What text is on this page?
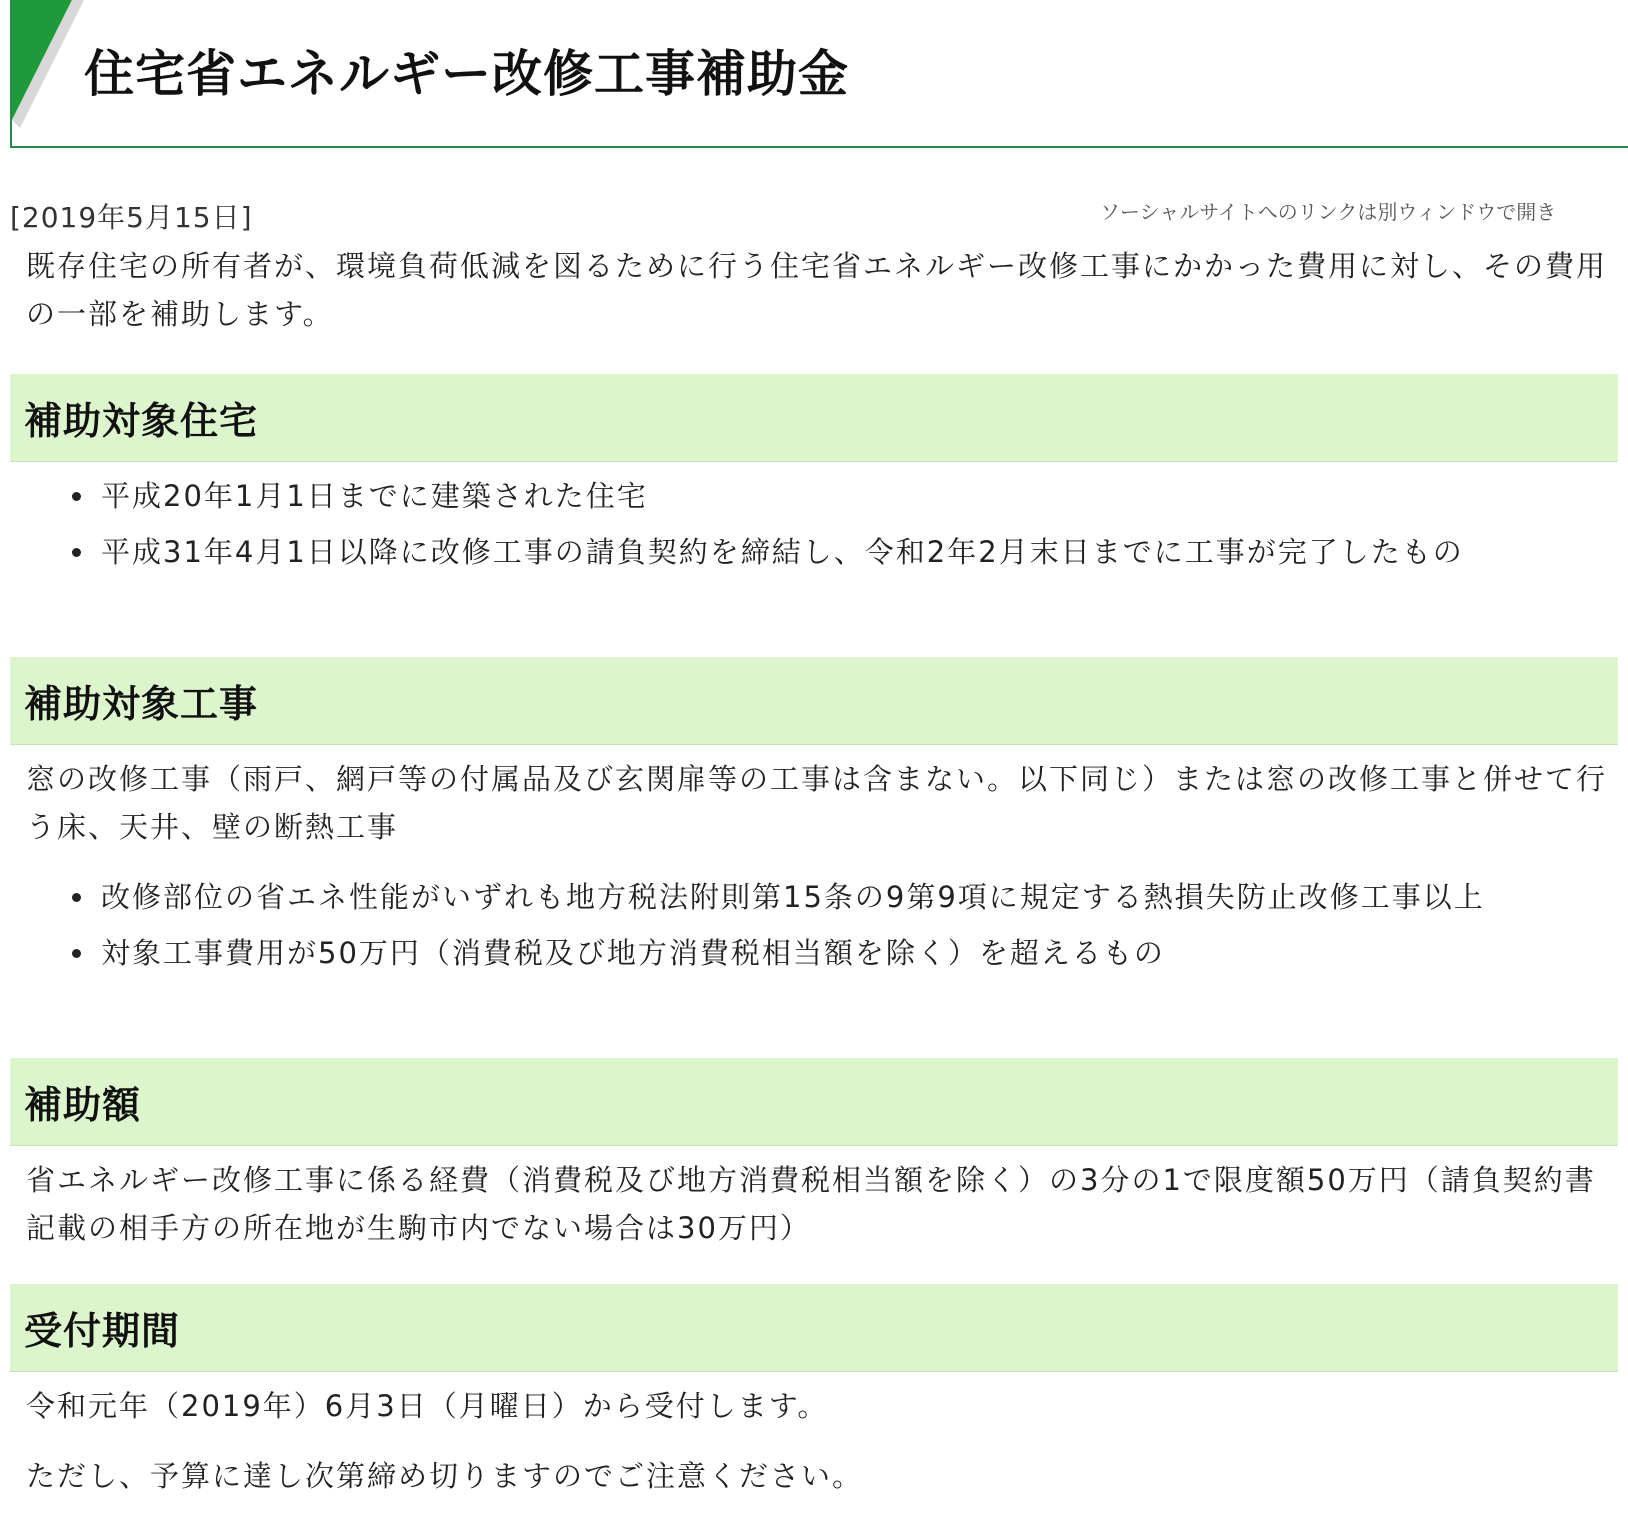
住宅省エネルギー改修工事補助金
[2019年5月15日]	ソーシャルサイトへのリンクは別ウィンドウで開き

既存住宅の所有者が、環境負荷低減を図るために行う住宅省エネルギー改修工事にかかった費用に対し、その費用の一部を補助します。

補助対象住宅
平成20年1月1日までに建築された住宅
平成31年4月1日以降に改修工事の請負契約を締結し、令和2年2月末日までに工事が完了したもの
補助対象工事

窓の改修工事（雨戸、網戸等の付属品及び玄関扉等の工事は含まない。以下同じ）または窓の改修工事と併せて行う床、天井、壁の断熱工事

改修部位の省エネ性能がいずれも地方税法附則第15条の9第9項に規定する熱損失防止改修工事以上
対象工事費用が50万円（消費税及び地方消費税相当額を除く）を超えるもの
補助額

省エネルギー改修工事に係る経費（消費税及び地方消費税相当額を除く）の3分の1で限度額50万円（請負契約書記載の相手方の所在地が生駒市内でない場合は30万円）

受付期間

令和元年（2019年）6月3日（月曜日）から受付します。

ただし、予算に達し次第締め切りますのでご注意ください。
